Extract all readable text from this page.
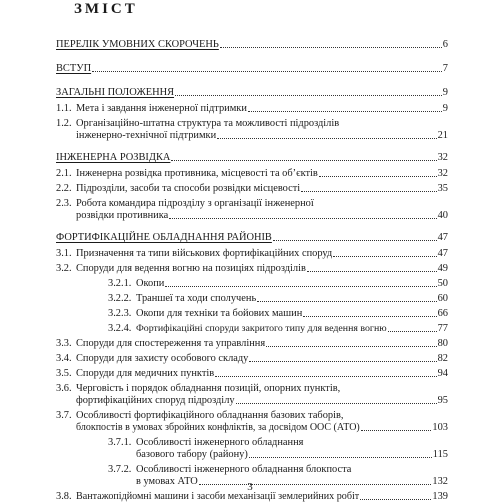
ЗМІСТ
ПЕРЕЛІК УМОВНИХ СКОРОЧЕНЬ	6
ВСТУП	7
ЗАГАЛЬНІ ПОЛОЖЕННЯ	9
1.1. Мета і завдання інженерної підтримки	9
1.2. Організаційно-штатна структура та можливості підрозділів
інженерно-технічної підтримки	21
ІНЖЕНЕРНА РОЗВІДКА	32
2.1. Інженерна розвідка противника, місцевості та об’єктів	32
2.2. Підрозділи, засоби та способи розвідки місцевості	35
2.3. Робота командира підрозділу з організації інженерної
розвідки противника	40
ФОРТИФІКАЦІЙНЕ ОБЛАДНАННЯ РАЙОНІВ	47
3.1. Призначення та типи військових фортифікаційних споруд	47
3.2. Споруди для ведення вогню на позиціях підрозділів	49
3.2.1. Окопи	50
3.2.2. Траншеї та ходи сполучень	60
3.2.3. Окопи для техніки та бойових машин	66
3.2.4. Фортифікаційні споруди закритого типу для ведення вогню	77
3.3. Споруди для спостереження та управління	80
3.4. Споруди для захисту особового складу	82
3.5. Споруди для медичних пунктів	94
3.6. Черговість і порядок обладнання позицій, опорних пунктів,
фортифікаційних споруд підрозділу	95
3.7. Особливості фортифікаційного обладнання базових таборів,
блокпостів в умовах збройних конфліктів, за досвідом ООС (АТО)	103
3.7.1. Особливості інженерного обладнання
базового табору (району)	115
3.7.2. Особливості інженерного обладнання блокпоста
в умовах АТО	132
3.8. Вантажопідйомні машини і засоби механізації землерийних робіт	139
3
